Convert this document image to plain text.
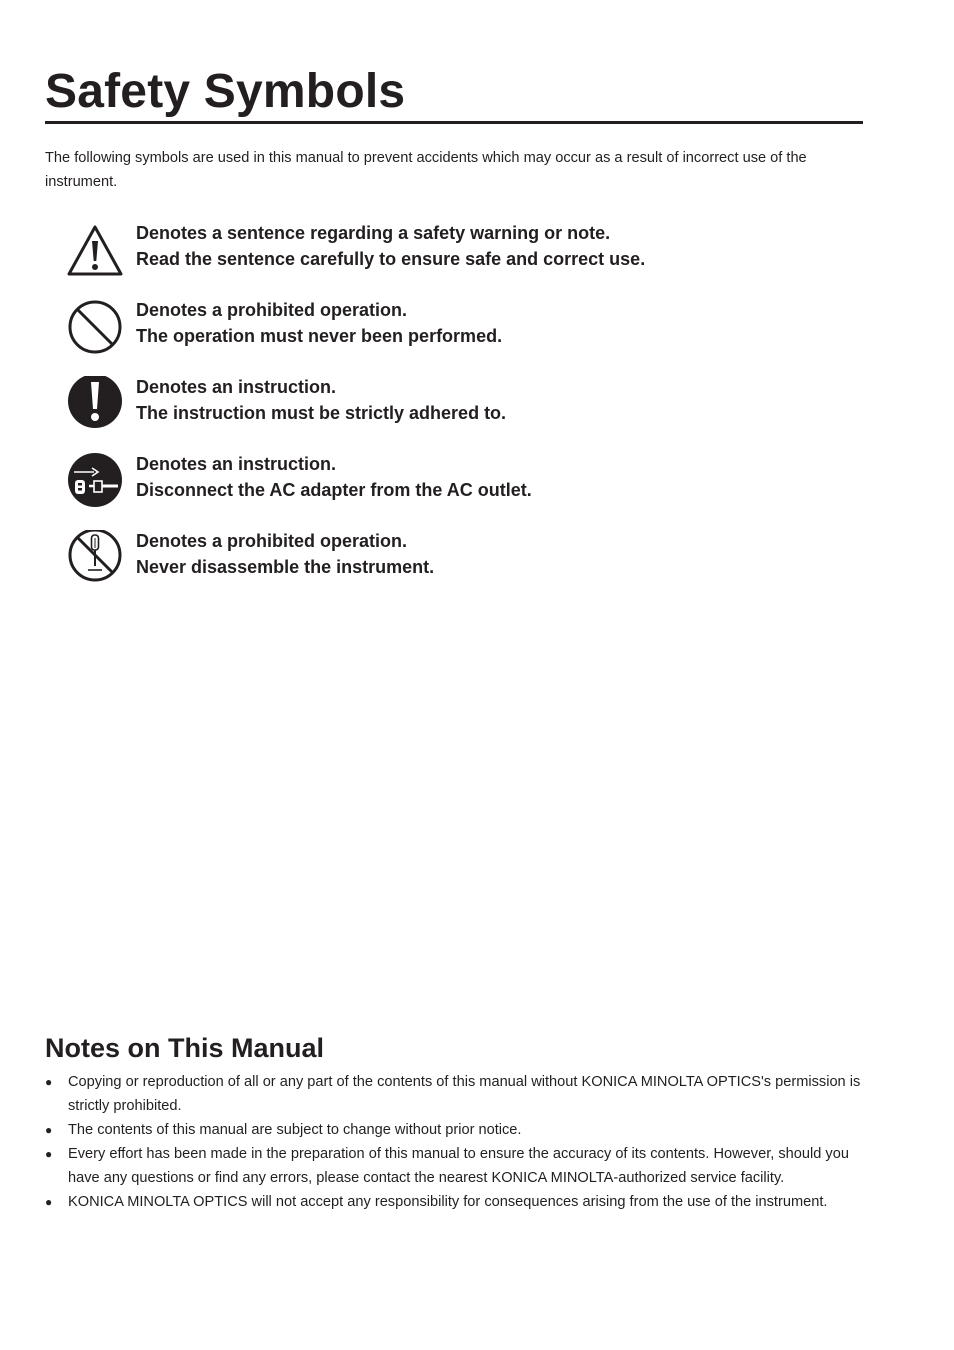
Safety Symbols

The following symbols are used in this manual to prevent accidents which may occur as a result of incorrect use of the instrument.

Denotes a sentence regarding a safety warning or note.
Read the sentence carefully to ensure safe and correct use.
Denotes a prohibited operation.
The operation must never been performed.
Denotes an instruction.
The instruction must be strictly adhered to.
Denotes an instruction.
Disconnect the AC adapter from the AC outlet.
Denotes a prohibited operation.
Never disassemble the instrument.
Notes on This Manual
● Copying or reproduction of all or any part of the contents of this manual without KONICA MINOLTA OPTICS's permission is strictly prohibited.
● The contents of this manual are subject to change without prior notice.
● Every effort has been made in the preparation of this manual to ensure the accuracy of its contents. However, should you have any questions or find any errors, please contact the nearest KONICA MINOLTA-authorized service facility.
● KONICA MINOLTA OPTICS will not accept any responsibility for consequences arising from the use of the instrument.
